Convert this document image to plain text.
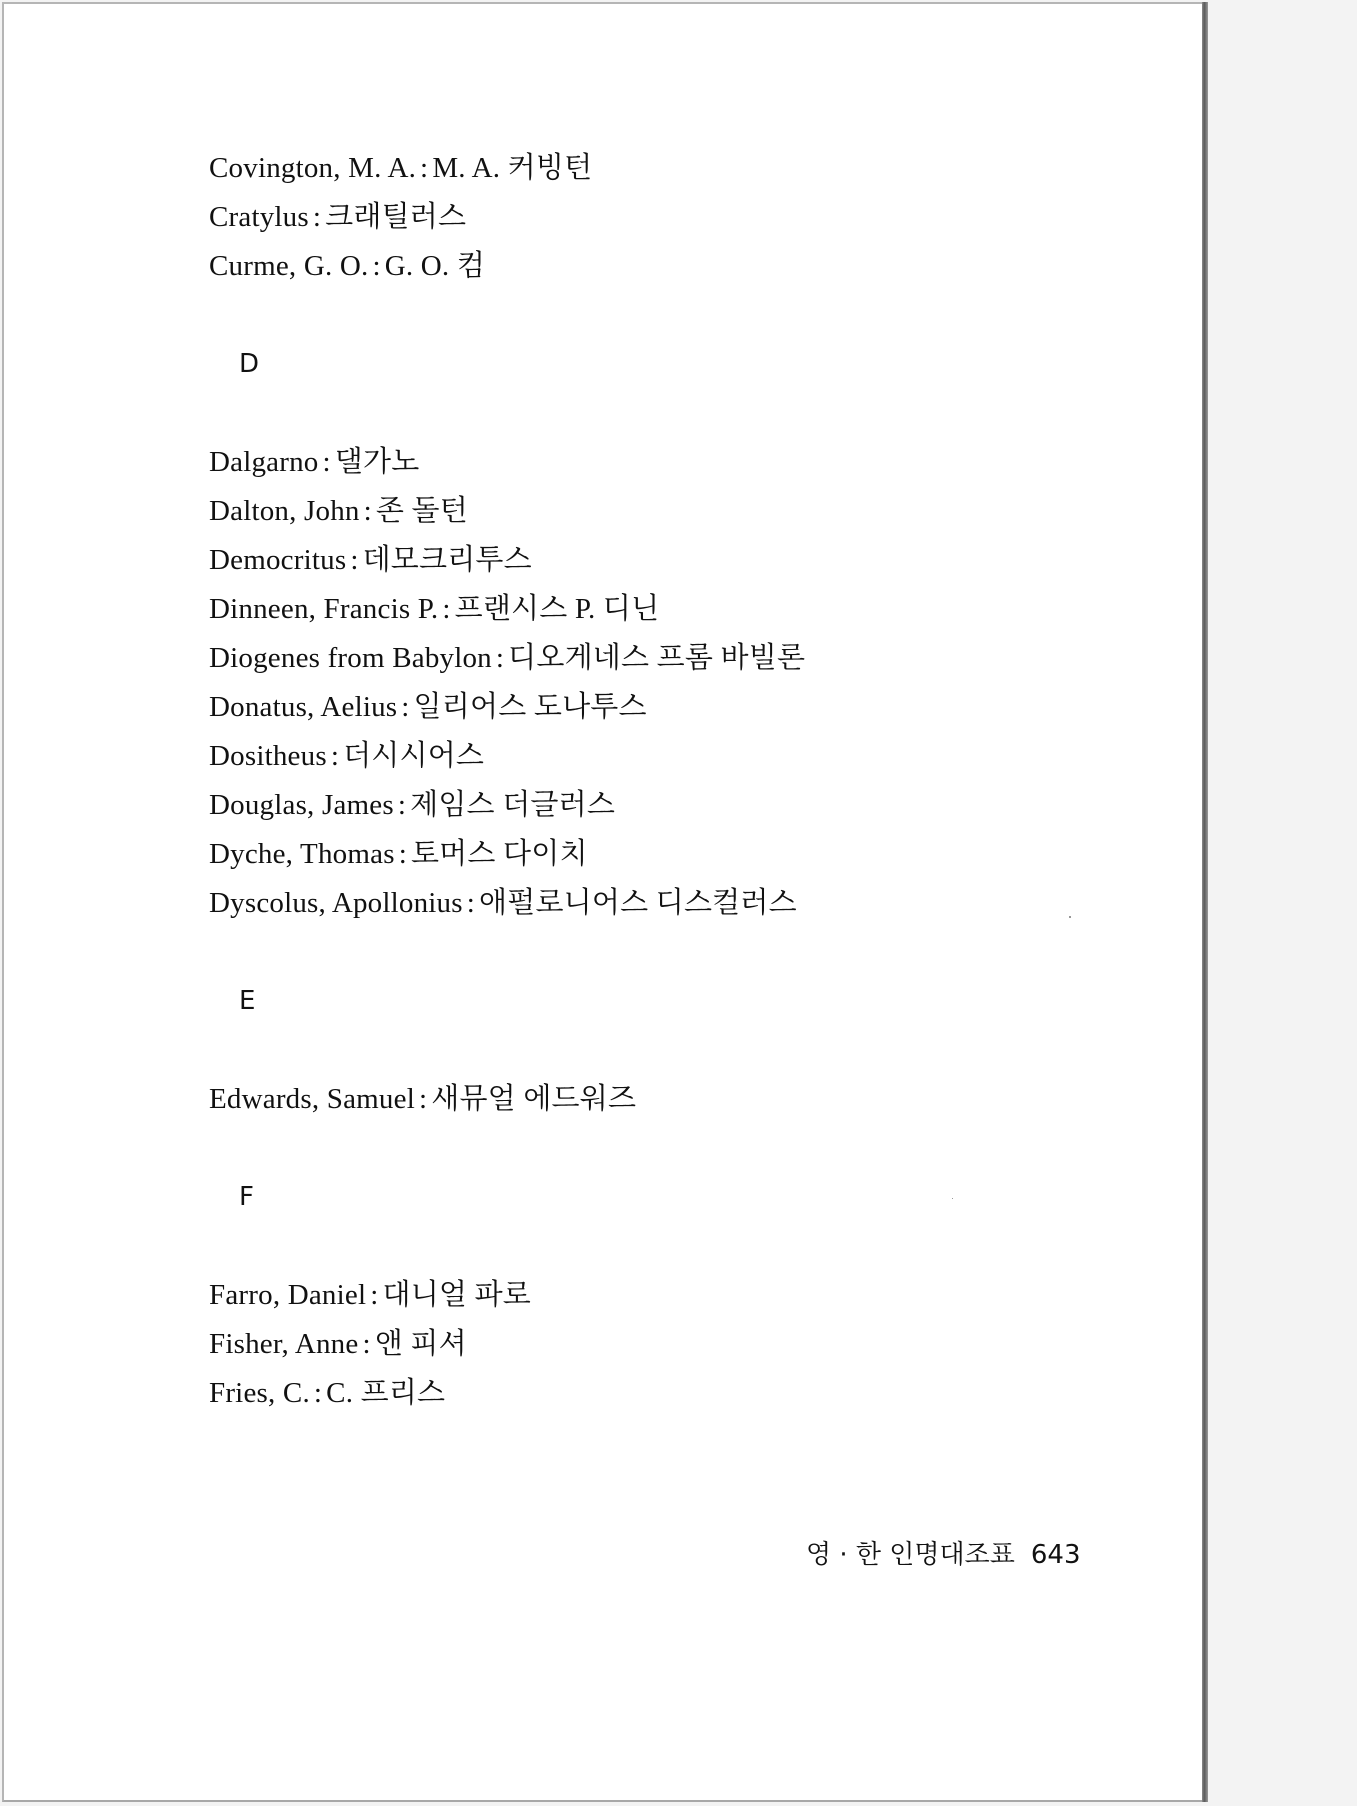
Covington, M. A. : M. A. 커빙턴
Cratylus : 크래틸러스
Curme, G. O. : G. O. 컴
D
Dalgarno : 댈가노
Dalton, John : 존 돌턴
Democritus : 데모크리투스
Dinneen, Francis P. : 프랜시스 P. 디닌
Diogenes from Babylon : 디오게네스 프롬 바빌론
Donatus, Aelius : 일리어스 도나투스
Dositheus : 더시시어스
Douglas, James : 제임스 더글러스
Dyche, Thomas : 토머스 다이치
Dyscolus, Apollonius : 애펄로니어스 디스컬러스
E
Edwards, Samuel : 새뮤얼 에드워즈
F
Farro, Daniel : 대니얼 파로
Fisher, Anne : 앤 피셔
Fries, C. : C. 프리스
영 · 한 인명대조표 643
